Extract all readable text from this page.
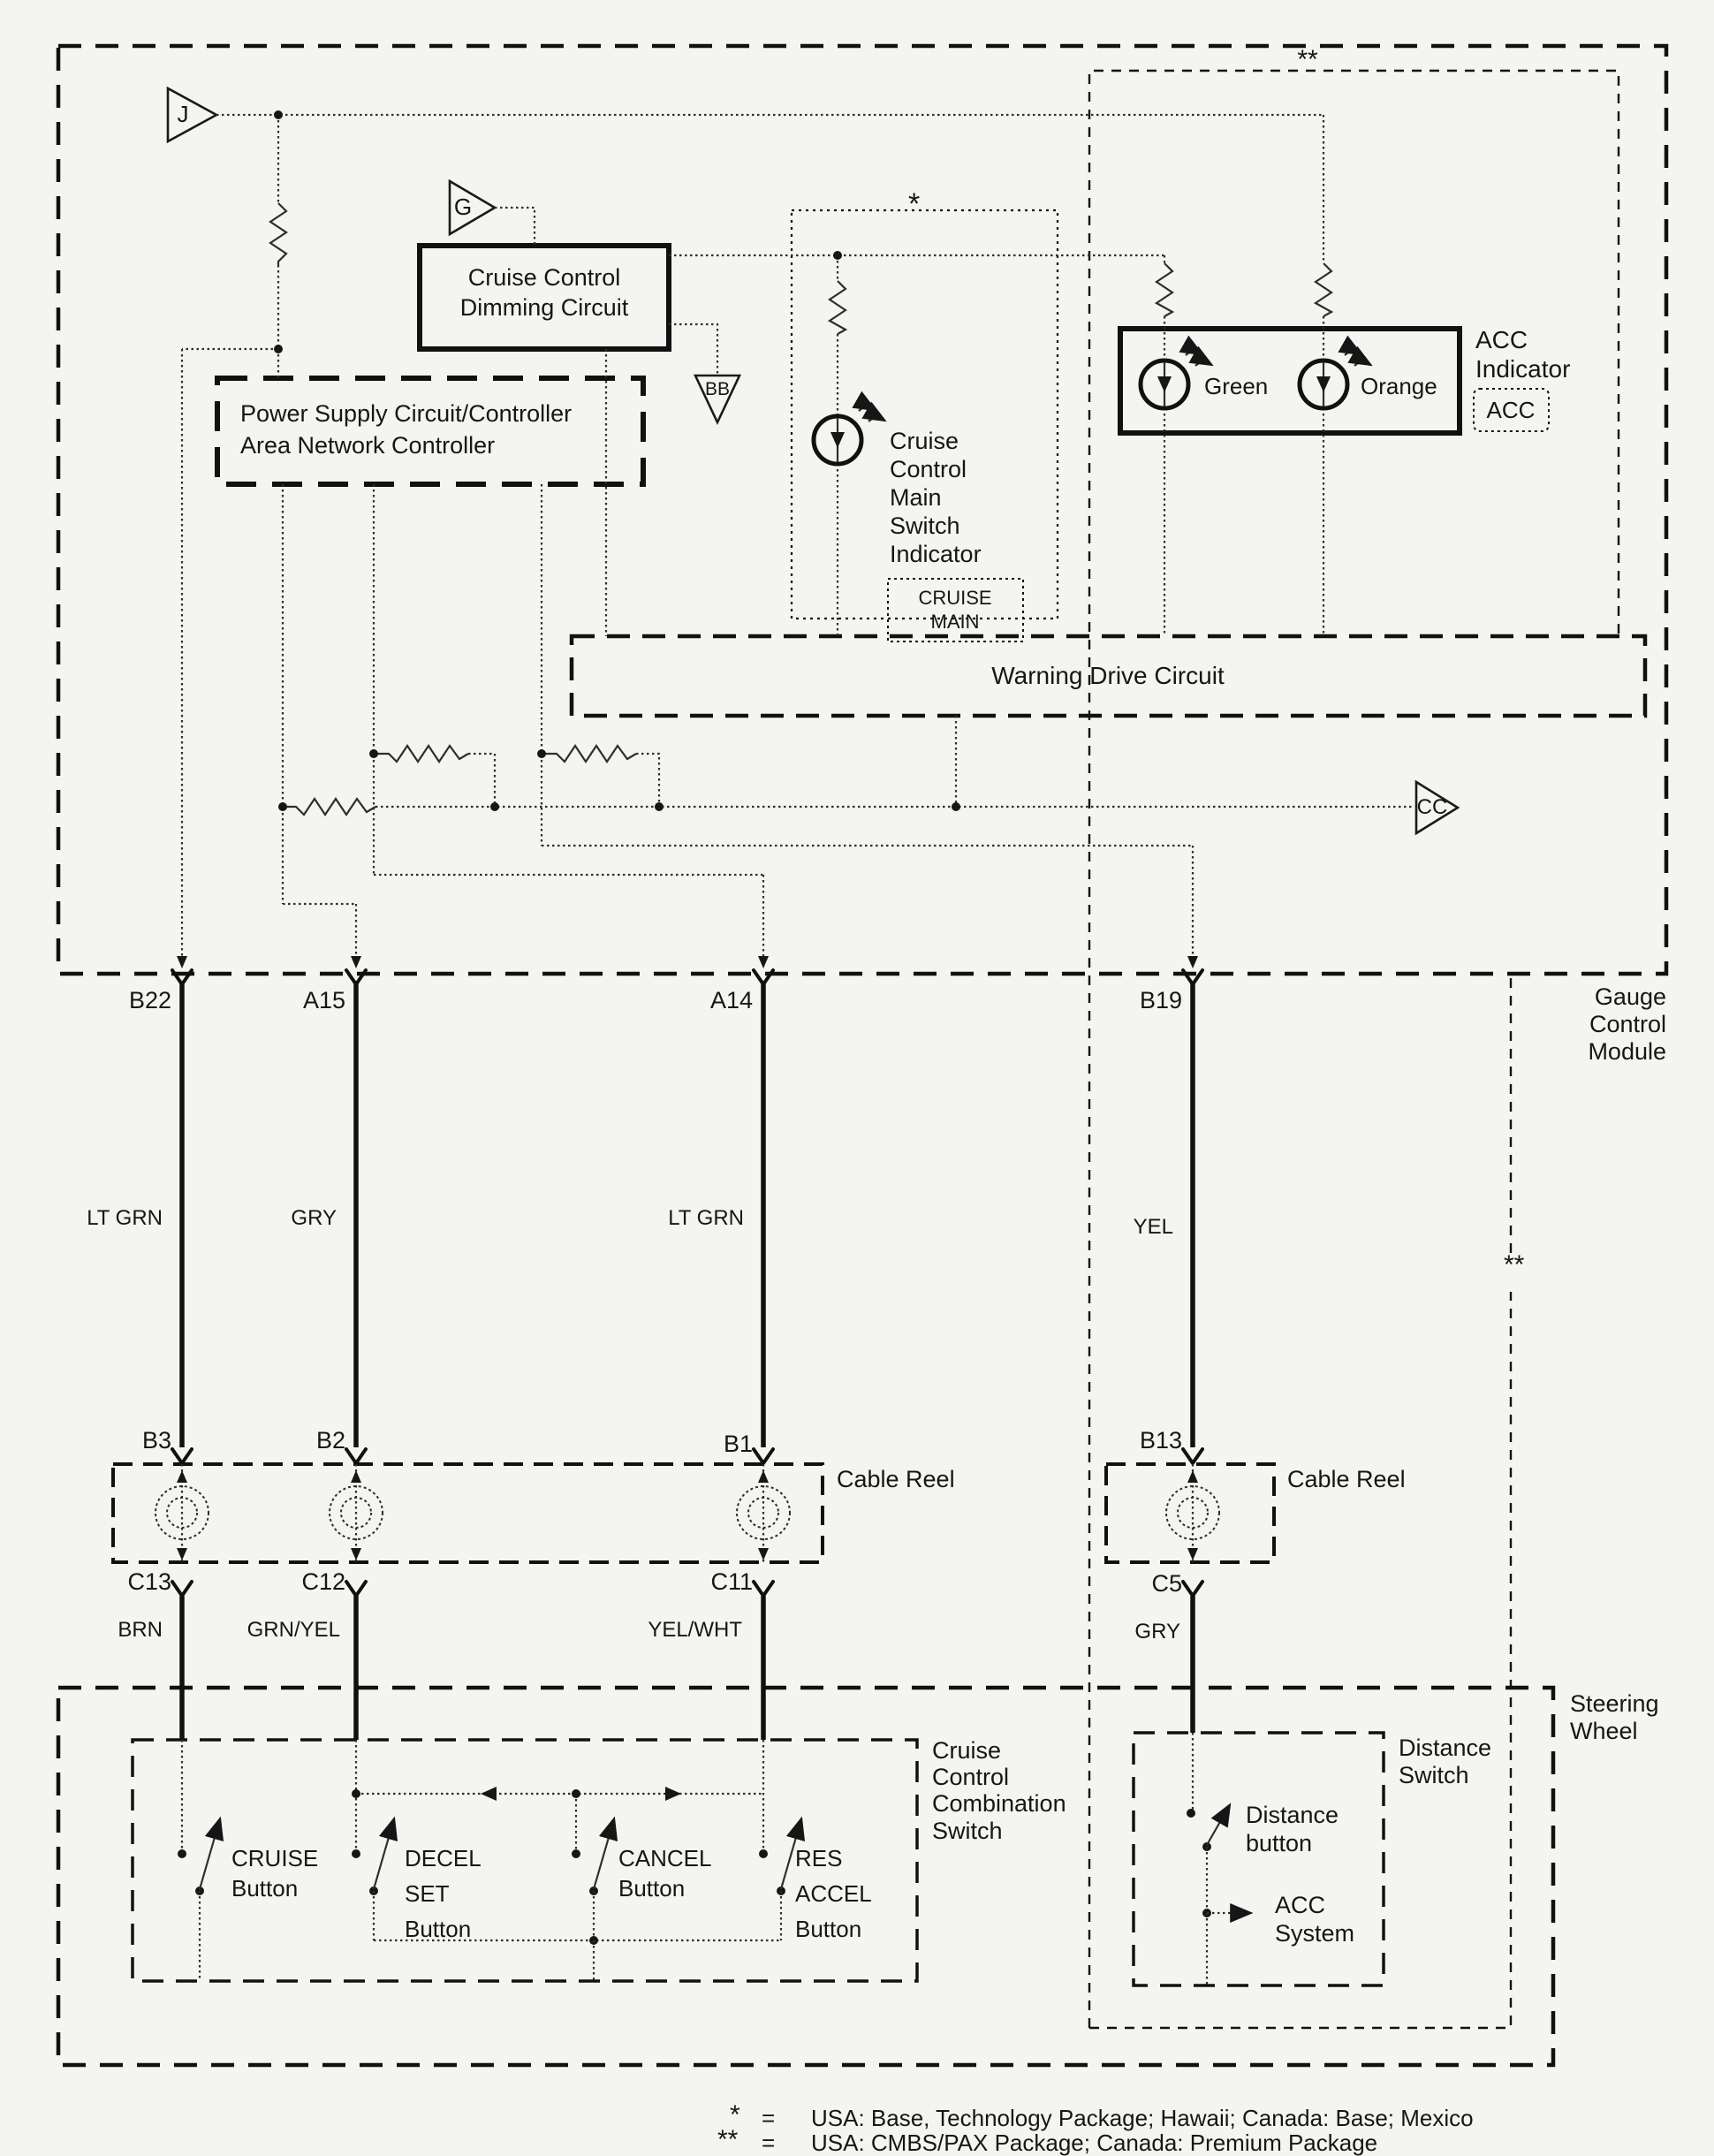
J
G
BB
CC
*
**
**
Cruise Control
Dimming Circuit
Power Supply Circuit/Controller
Area Network Controller	Cruise
Control
Main
Switch
Indicator
CRUISE
MAIN
Green	Orange
ACC
Indicator
ACC
Warning Drive Circuit
Gauge
Control
Module
B22	A15	A14	B19
LT GRN	GRY	LT GRN	YEL
B3	B2	B1	B13
Cable Reel	Cable Reel
C13	C12	C11	C5
BRN	GRN/YEL	YEL/WHT	GRY
Steering
Wheel
Cruise
Control
Combination
Switch
CRUISE
Button
DECEL
SET
Button
CANCEL
Button
RES
ACCEL
Button
Distance
Switch
Distance
button
ACC
System
* = USA: Base, Technology Package; Hawaii; Canada: Base; Mexico
** = USA: CMBS/PAX Package; Canada: Premium Package
